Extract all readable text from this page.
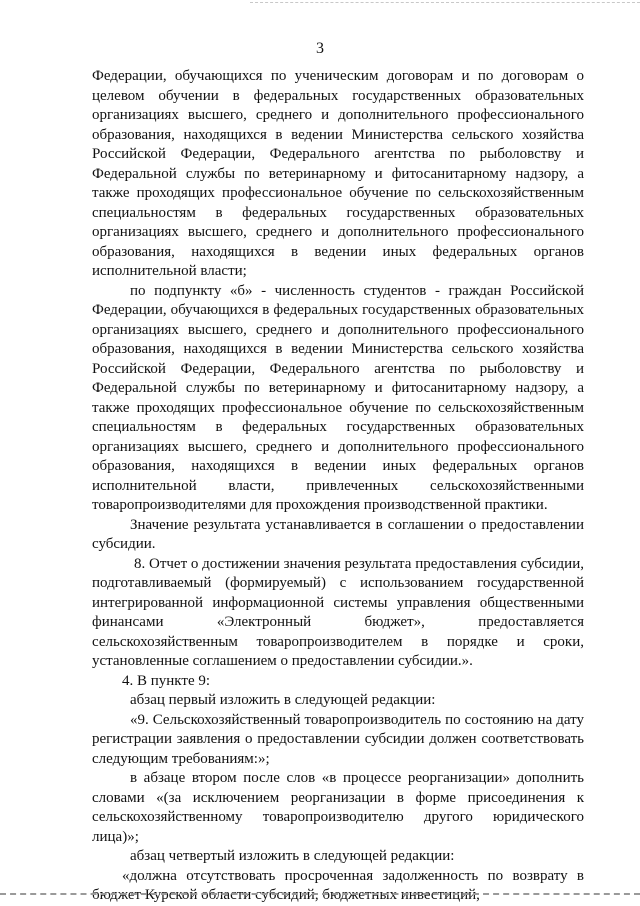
3

Федерации, обучающихся по ученическим договорам и по договорам о целевом обучении в федеральных государственных образовательных организациях высшего, среднего и дополнительного профессионального образования, находящихся в ведении Министерства сельского хозяйства Российской Федерации, Федерального агентства по рыболовству и Федеральной службы по ветеринарному и фитосанитарному надзору, а также проходящих профессиональное обучение по сельскохозяйственным специальностям в федеральных государственных образовательных организациях высшего, среднего и дополнительного профессионального образования, находящихся в ведении иных федеральных органов исполнительной власти;

по подпункту «б» - численность студентов - граждан Российской Федерации, обучающихся в федеральных государственных образовательных организациях высшего, среднего и дополнительного профессионального образования, находящихся в ведении Министерства сельского хозяйства Российской Федерации, Федерального агентства по рыболовству и Федеральной службы по ветеринарному и фитосанитарному надзору, а также проходящих профессиональное обучение по сельскохозяйственным специальностям в федеральных государственных образовательных организациях высшего, среднего и дополнительного профессионального образования, находящихся в ведении иных федеральных органов исполнительной власти, привлеченных сельскохозяйственными товаропроизводителями для прохождения производственной практики.

Значение результата устанавливается в соглашении о предоставлении субсидии.

8. Отчет о достижении значения результата предоставления субсидии, подготавливаемый (формируемый) с использованием государственной интегрированной информационной системы управления общественными финансами «Электронный бюджет», предоставляется сельскохозяйственным товаропроизводителем в порядке и сроки, установленные соглашением о предоставлении субсидии.».

4. В пункте 9:

абзац первый изложить в следующей редакции:

«9. Сельскохозяйственный товаропроизводитель по состоянию на дату регистрации заявления о предоставлении субсидии должен соответствовать следующим требованиям:»;

в абзаце втором после слов «в процессе реорганизации» дополнить словами «(за исключением реорганизации в форме присоединения к сельскохозяйственному товаропроизводителю другого юридического лица)»;

абзац четвертый изложить в следующей редакции:

«должна отсутствовать просроченная задолженность по возврату в бюджет Курской области субсидий, бюджетных инвестиций,
